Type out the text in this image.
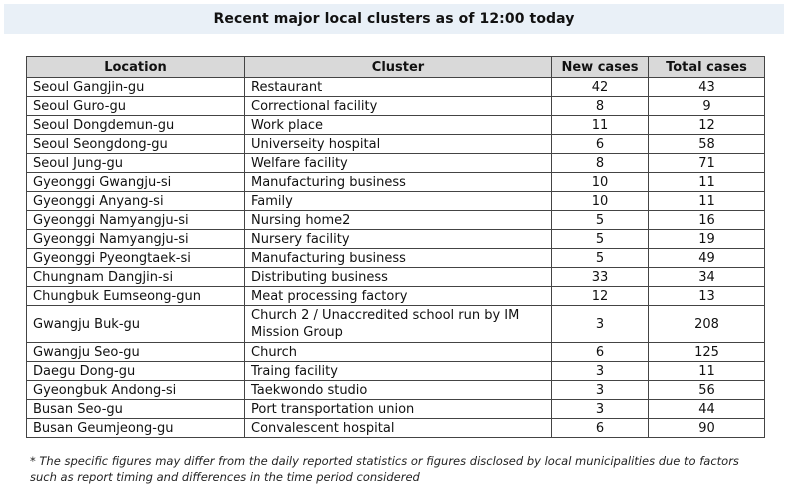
Recent major local clusters as of 12:00 today
Location	Cluster	New cases	Total cases
Seoul Gangjin-gu	Restaurant	42	43
Seoul Guro-gu	Correctional facility	8	9
Seoul Dongdemun-gu	Work place	11	12
Seoul Seongdong-gu	Universeity hospital	6	58
Seoul Jung-gu	Welfare facility	8	71
Gyeonggi Gwangju-si	Manufacturing business	10	11
Gyeonggi Anyang-si	Family	10	11
Gyeonggi Namyangju-si	Nursing home2	5	16
Gyeonggi Namyangju-si	Nursery facility	5	19
Gyeonggi Pyeongtaek-si	Manufacturing business	5	49
Chungnam Dangjin-si	Distributing business	33	34
Chungbuk Eumseong-gun	Meat processing factory	12	13
Gwangju Buk-gu	Church 2 / Unaccredited school run by IM Mission Group	3	208
Gwangju Seo-gu	Church	6	125
Daegu Dong-gu	Traing facility	3	11
Gyeongbuk Andong-si	Taekwondo studio	3	56
Busan Seo-gu	Port transportation union	3	44
Busan Geumjeong-gu	Convalescent hospital	6	90
* The specific figures may differ from the daily reported statistics or figures disclosed by local municipalities due to factors such as report timing and differences in the time period considered
